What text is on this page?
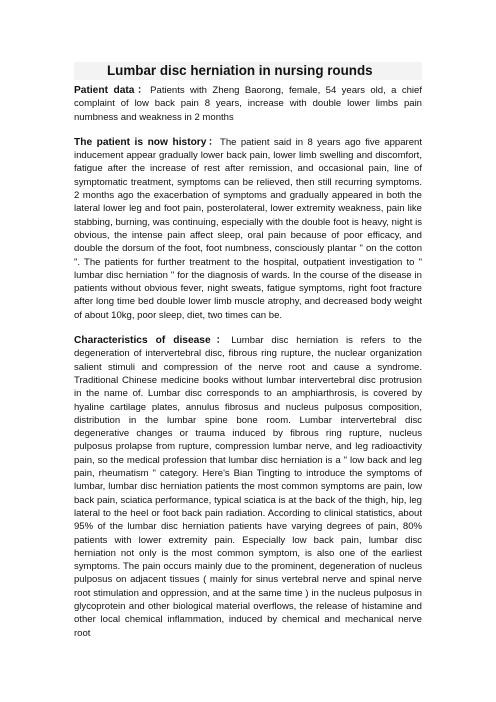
Lumbar disc herniation in nursing rounds

Patient data：Patients with Zheng Baorong, female, 54 years old, a chief complaint of low back pain 8 years, increase with double lower limbs pain numbness and weakness in 2 months

The patient is now history：The patient said in 8 years ago five apparent inducement appear gradually lower back pain, lower limb swelling and discomfort, fatigue after the increase of rest after remission, and occasional pain, line of symptomatic treatment, symptoms can be relieved, then still recurring symptoms. 2 months ago the exacerbation of symptoms and gradually appeared in both the lateral lower leg and foot pain, posterolateral, lower extremity weakness, pain like stabbing, burning, was continuing, especially with the double foot is heavy, night is obvious, the intense pain affect sleep, oral pain because of poor efficacy, and double the dorsum of the foot, foot numbness, consciously plantar " on the cotton ". The patients for further treatment to the hospital, outpatient investigation to " lumbar disc herniation " for the diagnosis of wards. In the course of the disease in patients without obvious fever, night sweats, fatigue symptoms, right foot fracture after long time bed double lower limb muscle atrophy, and decreased body weight of about 10kg, poor sleep, diet, two times can be.

Characteristics of disease：Lumbar disc herniation is refers to the degeneration of intervertebral disc, fibrous ring rupture, the nuclear organization salient stimuli and compression of the nerve root and cause a syndrome. Traditional Chinese medicine books without lumbar intervertebral disc protrusion in the name of. Lumbar disc corresponds to an amphiarthrosis, is covered by hyaline cartilage plates, annulus fibrosus and nucleus pulposus composition, distribution in the lumbar spine bone room. Lumbar intervertebral disc degenerative changes or trauma induced by fibrous ring rupture, nucleus pulposus prolapse from rupture, compression lumbar nerve, and leg radioactivity pain, so the medical profession that lumbar disc herniation is a " low back and leg pain, rheumatism " category. Here's Bian Tingting to introduce the symptoms of lumbar, lumbar disc herniation patients the most common symptoms are pain, low back pain, sciatica performance, typical sciatica is at the back of the thigh, hip, leg lateral to the heel or foot back pain radiation. According to clinical statistics, about 95% of the lumbar disc herniation patients have varying degrees of pain, 80% patients with lower extremity pain. Especially low back pain, lumbar disc herniation not only is the most common symptom, is also one of the earliest symptoms. The pain occurs mainly due to the prominent, degeneration of nucleus pulposus on adjacent tissues ( mainly for sinus vertebral nerve and spinal nerve root stimulation and oppression, and at the same time ) in the nucleus pulposus in glycoprotein and other biological material overflows, the release of histamine and other local chemical inflammation, induced by chemical and mechanical nerve root
